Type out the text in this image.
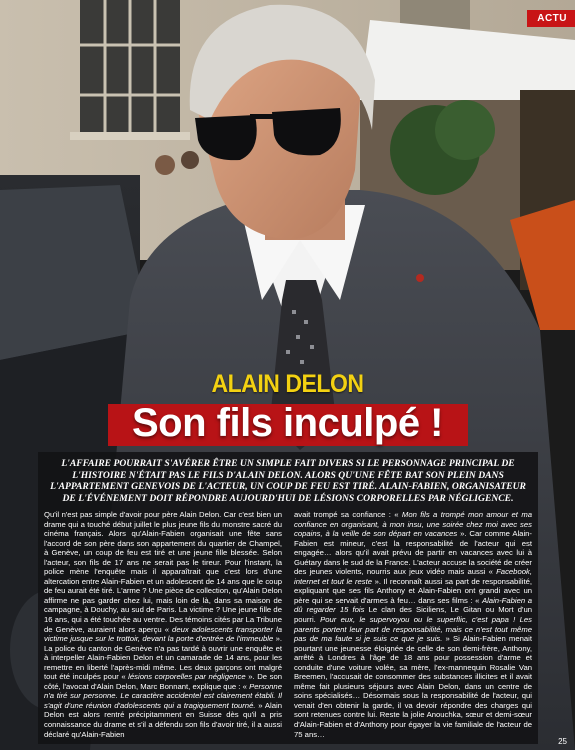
ACTU
ALAIN DELON
Son fils inculpé !

L'AFFAIRE POURRAIT S'AVÉRER ÊTRE UN SIMPLE FAIT DIVERS SI LE PERSONNAGE PRINCIPAL DE L'HISTOIRE N'ÉTAIT PAS LE FILS D'ALAIN DELON. ALORS QU'UNE FÊTE BAT SON PLEIN DANS L'APPARTEMENT GENEVOIS DE L'ACTEUR, UN COUP DE FEU EST TIRÉ. ALAIN-FABIEN, ORGANISATEUR DE L'ÉVÉNEMENT DOIT RÉPONDRE AUJOURD'HUI DE LÉSIONS CORPORELLES PAR NÉGLIGENCE.

Qu'il n'est pas simple d'avoir pour père Alain Delon. Car c'est bien un drame qui a touché début juillet le plus jeune fils du monstre sacré du cinéma français. Alors qu'Alain-Fabien organisait une fête sans l'accord de son père dans son appartement du quartier de Champel, à Genève, un coup de feu est tiré et une jeune fille blessée. Selon l'acteur, son fils de 17 ans ne serait pas le tireur. Pour l'instant, la police mène l'enquête mais il apparaîtrait que c'est lors d'une altercation entre Alain-Fabien et un adolescent de 14 ans que le coup de feu aurait été tiré. L'arme ? Une pièce de collection, qu'Alain Delon affirme ne pas garder chez lui, mais loin de là, dans sa maison de campagne, à Douchy, au sud de Paris. La victime ? Une jeune fille de 16 ans, qui a été touchée au ventre. Des témoins cités par La Tribune de Genève, auraient alors aperçu « deux adolescents transporter la victime jusque sur le trottoir, devant la porte d'entrée de l'immeuble ». La police du canton de Genève n'a pas tardé à ouvrir une enquête et à interpeller Alain-Fabien Delon et un camarade de 14 ans, pour les remettre en liberté l'après-midi même. Les deux garçons ont malgré tout été inculpés pour « lésions corporelles par négligence ». De son côté, l'avocat d'Alain Delon, Marc Bonnant, explique que : « Personne n'a tiré sur personne. Le caractère accidentel est clairement établi. Il s'agit d'une réunion d'adolescents qui a tragiquement tourné. » Alain Delon est alors rentré précipitamment en Suisse dès qu'il a pris connaissance du drame et s'il a défendu son fils d'avoir tiré, il a aussi déclaré qu'Alain-Fabien

avait trompé sa confiance : « Mon fils a trompé mon amour et ma confiance en organisant, à mon insu, une soirée chez moi avec ses copains, à la veille de son départ en vacances ». Car comme Alain-Fabien est mineur, c'est la responsabilité de l'acteur qui est engagée… alors qu'il avait prévu de partir en vacances avec lui à Guétary dans le sud de la France. L'acteur accuse la société de créer des jeunes violents, nourris aux jeux vidéo mais aussi « Facebook, internet et tout le reste ». Il reconnaît aussi sa part de responsabilité, expliquant que ses fils Anthony et Alain-Fabien ont grandi avec un père qui se servait d'armes à feu… dans ses films : « Alain-Fabien a dû regarder 15 fois Le clan des Siciliens, Le Gitan ou Mort d'un pourri. Pour eux, le supervoyou ou le superflic, c'est papa ! Les parents portent leur part de responsabilité, mais ce n'est tout même pas de ma faute si je suis ce que je suis. » Si Alain-Fabien menait pourtant une jeunesse éloignée de celle de son demi-frère, Anthony, arrêté à Londres à l'âge de 18 ans pour possession d'arme et conduite d'une voiture volée, sa mère, l'ex-mannequin Rosalie Van Breemen, l'accusait de consommer des substances illicites et il avait même fait plusieurs séjours avec Alain Delon, dans un centre de soins spécialisés… Désormais sous la responsabilité de l'acteur, qui venait d'en obtenir la garde, il va devoir répondre des charges qui sont retenues contre lui. Reste la jolie Anouchka, sœur et demi-sœur d'Alain-Fabien et d'Anthony pour égayer la vie familiale de l'acteur de 75 ans…

25
